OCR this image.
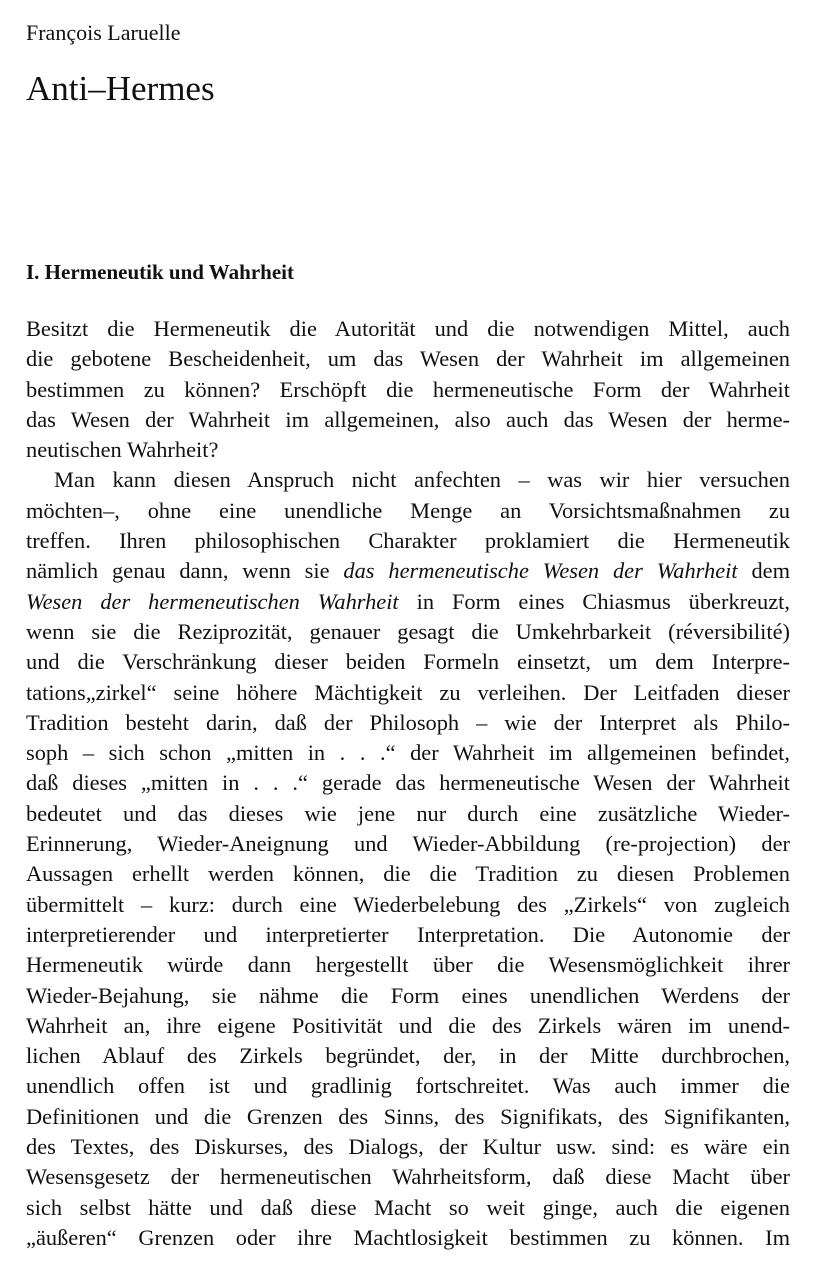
François Laruelle
Anti–Hermes
I. Hermeneutik und Wahrheit
Besitzt die Hermeneutik die Autorität und die notwendigen Mittel, auch
die gebotene Bescheidenheit, um das Wesen der Wahrheit im allgemeinen
bestimmen zu können? Erschöpft die hermeneutische Form der Wahrheit
das Wesen der Wahrheit im allgemeinen, also auch das Wesen der herme-
neutischen Wahrheit?
Man kann diesen Anspruch nicht anfechten – was wir hier versuchen
möchten–, ohne eine unendliche Menge an Vorsichtsmaßnahmen zu
treffen. Ihren philosophischen Charakter proklamiert die Hermeneutik
nämlich genau dann, wenn sie das hermeneutische Wesen der Wahrheit dem
Wesen der hermeneutischen Wahrheit in Form eines Chiasmus überkreuzt,
wenn sie die Reziprozität, genauer gesagt die Umkehrbarkeit (réversibilité)
und die Verschränkung dieser beiden Formeln einsetzt, um dem Interpre-
tations„zirkel“ seine höhere Mächtigkeit zu verleihen. Der Leitfaden dieser
Tradition besteht darin, daß der Philosoph – wie der Interpret als Philo-
soph – sich schon „mitten in . . .“ der Wahrheit im allgemeinen befindet,
daß dieses „mitten in . . .“ gerade das hermeneutische Wesen der Wahrheit
bedeutet und das dieses wie jene nur durch eine zusätzliche Wieder-
Erinnerung, Wieder-Aneignung und Wieder-Abbildung (re-projection) der
Aussagen erhellt werden können, die die Tradition zu diesen Problemen
übermittelt – kurz: durch eine Wiederbelebung des „Zirkels“ von zugleich
interpretierender und interpretierter Interpretation. Die Autonomie der
Hermeneutik würde dann hergestellt über die Wesensmöglichkeit ihrer
Wieder-Bejahung, sie nähme die Form eines unendlichen Werdens der
Wahrheit an, ihre eigene Positivität und die des Zirkels wären im unend-
lichen Ablauf des Zirkels begründet, der, in der Mitte durchbrochen,
unendlich offen ist und gradlinig fortschreitet. Was auch immer die
Definitionen und die Grenzen des Sinns, des Signifikats, des Signifikanten,
des Textes, des Diskurses, des Dialogs, der Kultur usw. sind: es wäre ein
Wesensgesetz der hermeneutischen Wahrheitsform, daß diese Macht über
sich selbst hätte und daß diese Macht so weit ginge, auch die eigenen
„äußeren“ Grenzen oder ihre Machtlosigkeit bestimmen zu können. Im
